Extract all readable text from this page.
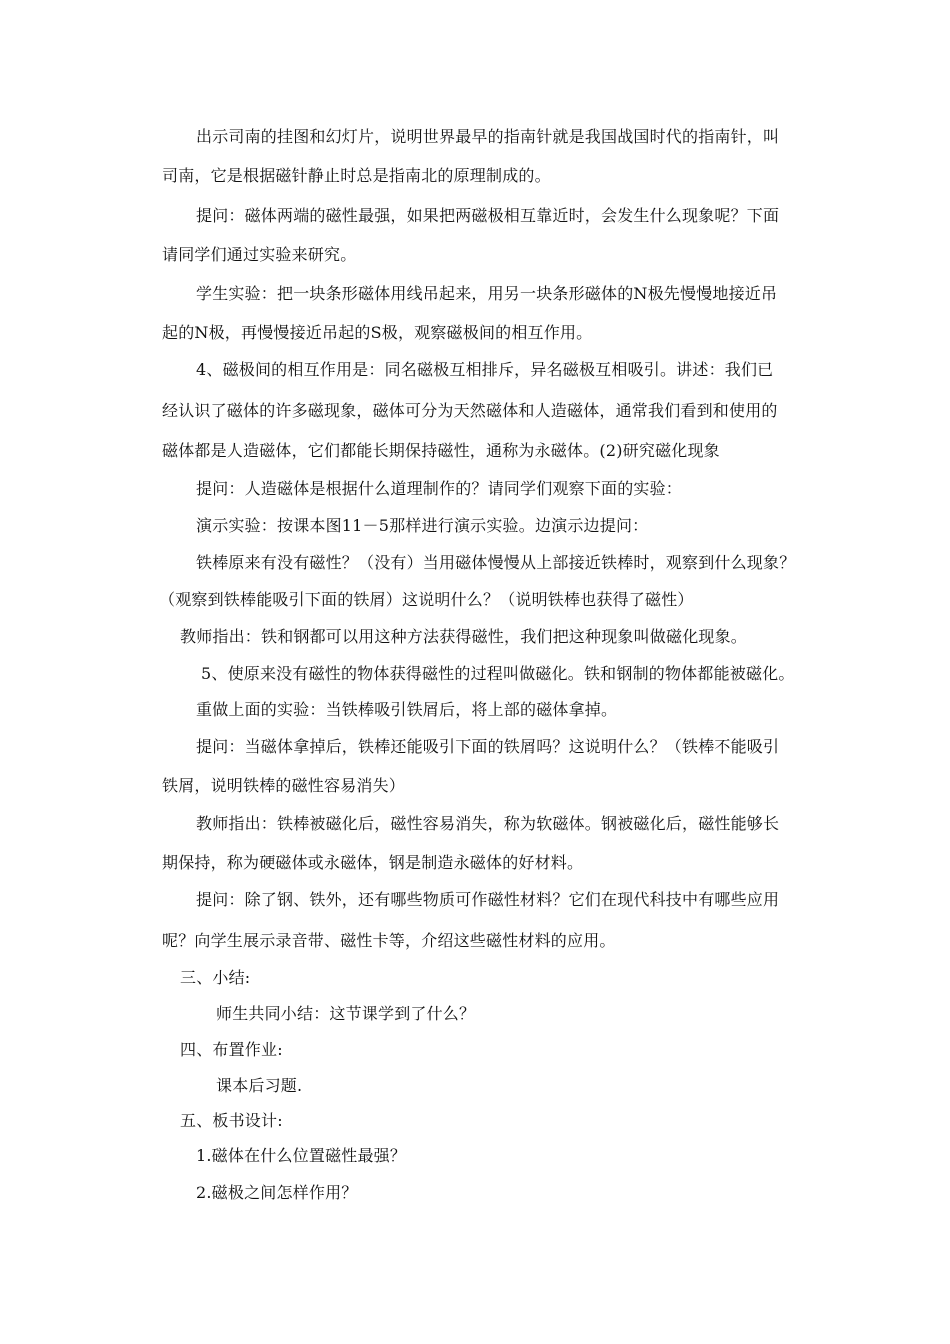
出示司南的挂图和幻灯片，说明世界最早的指南针就是我国战国时代的指南针，叫
司南，它是根据磁针静止时总是指南北的原理制成的。
提问：磁体两端的磁性最强，如果把两磁极相互靠近时，会发生什么现象呢？下面
请同学们通过实验来研究。
学生实验：把一块条形磁体用线吊起来，用另一块条形磁体的N极先慢慢地接近吊
起的N极，再慢慢接近吊起的S极，观察磁极间的相互作用。
4、磁极间的相互作用是：同名磁极互相排斥，异名磁极互相吸引。讲述：我们已
经认识了磁体的许多磁现象，磁体可分为天然磁体和人造磁体，通常我们看到和使用的
磁体都是人造磁体，它们都能长期保持磁性，通称为永磁体。(2)研究磁化现象
提问：人造磁体是根据什么道理制作的？请同学们观察下面的实验：
演示实验：按课本图11－5那样进行演示实验。边演示边提问：
铁棒原来有没有磁性？（没有）当用磁体慢慢从上部接近铁棒时，观察到什么现象？
（观察到铁棒能吸引下面的铁屑）这说明什么？（说明铁棒也获得了磁性）
教师指出：铁和钢都可以用这种方法获得磁性，我们把这种现象叫做磁化现象。
5、使原来没有磁性的物体获得磁性的过程叫做磁化。铁和钢制的物体都能被磁化。
重做上面的实验：当铁棒吸引铁屑后，将上部的磁体拿掉。
提问：当磁体拿掉后，铁棒还能吸引下面的铁屑吗？这说明什么？（铁棒不能吸引
铁屑，说明铁棒的磁性容易消失）
教师指出：铁棒被磁化后，磁性容易消失，称为软磁体。钢被磁化后，磁性能够长
期保持，称为硬磁体或永磁体，钢是制造永磁体的好材料。
提问：除了钢、铁外，还有哪些物质可作磁性材料？它们在现代科技中有哪些应用
呢？向学生展示录音带、磁性卡等，介绍这些磁性材料的应用。
三、小结:
师生共同小结：这节课学到了什么？
四、布置作业:
课本后习题.
五、板书设计:
1.磁体在什么位置磁性最强？
2.磁极之间怎样作用？
